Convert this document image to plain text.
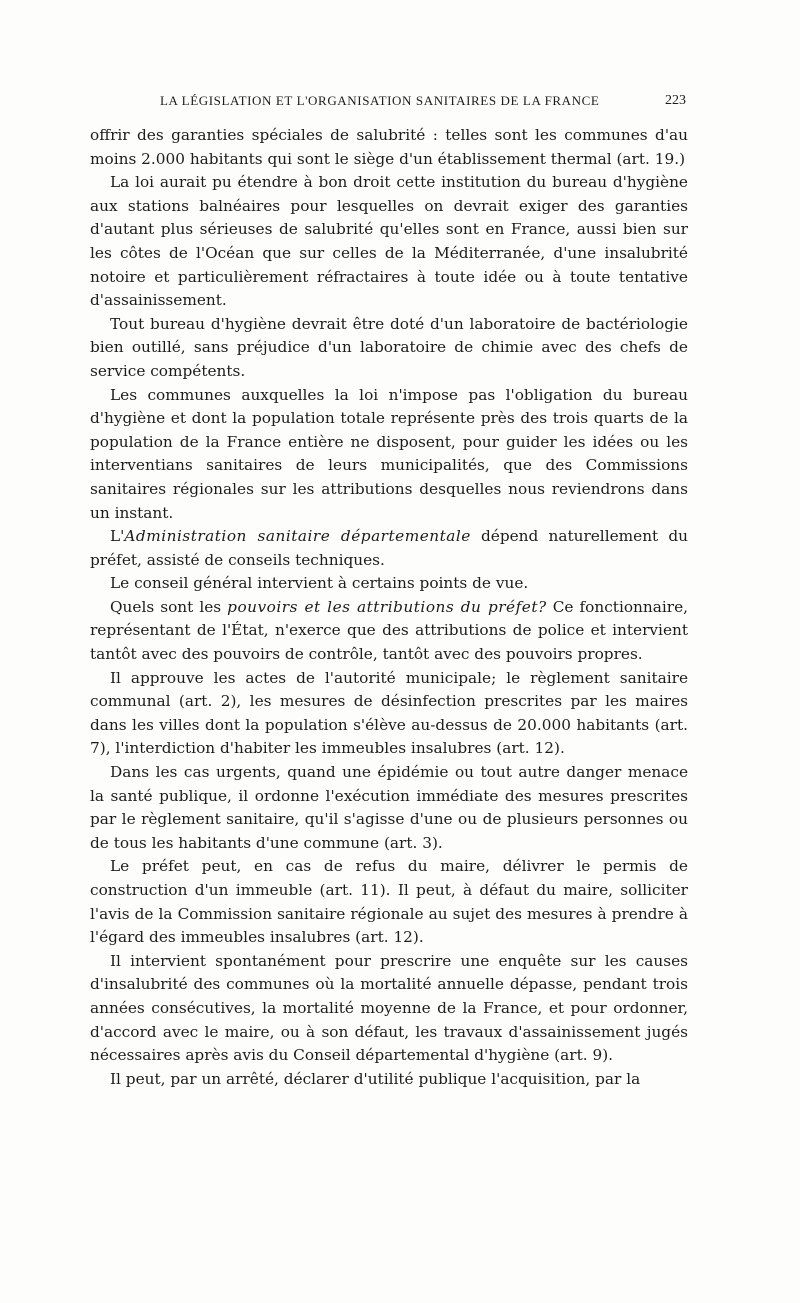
LA LÉGISLATION ET L'ORGANISATION SANITAIRES DE LA FRANCE	223

offrir des garanties spéciales de salubrité : telles sont les communes d'au moins 2.000 habitants qui sont le siège d'un établissement thermal (art. 19.)

La loi aurait pu étendre à bon droit cette institution du bureau d'hygiène aux stations balnéaires pour lesquelles on devrait exiger des garanties d'autant plus sérieuses de salubrité qu'elles sont en France, aussi bien sur les côtes de l'Océan que sur celles de la Méditerranée, d'une insalubrité notoire et particulièrement réfractaires à toute idée ou à toute tentative d'assainissement.

Tout bureau d'hygiène devrait être doté d'un laboratoire de bactériologie bien outillé, sans préjudice d'un laboratoire de chimie avec des chefs de service compétents.

Les communes auxquelles la loi n'impose pas l'obligation du bureau d'hygiène et dont la population totale représente près des trois quarts de la population de la France entière ne disposent, pour guider les idées ou les interventians sanitaires de leurs municipalités, que des Commissions sanitaires régionales sur les attributions desquelles nous reviendrons dans un instant.

L'Administration sanitaire départementale dépend naturellement du préfet, assisté de conseils techniques.

Le conseil général intervient à certains points de vue.

Quels sont les pouvoirs et les attributions du préfet? Ce fonctionnaire, représentant de l'État, n'exerce que des attributions de police et intervient tantôt avec des pouvoirs de contrôle, tantôt avec des pouvoirs propres.

Il approuve les actes de l'autorité municipale; le règlement sanitaire communal (art. 2), les mesures de désinfection prescrites par les maires dans les villes dont la population s'élève au-dessus de 20.000 habitants (art. 7), l'interdiction d'habiter les immeubles insalubres (art. 12).

Dans les cas urgents, quand une épidémie ou tout autre danger menace la santé publique, il ordonne l'exécution immédiate des mesures prescrites par le règlement sanitaire, qu'il s'agisse d'une ou de plusieurs personnes ou de tous les habitants d'une commune (art. 3).

Le préfet peut, en cas de refus du maire, délivrer le permis de construction d'un immeuble (art. 11). Il peut, à défaut du maire, solliciter l'avis de la Commission sanitaire régionale au sujet des mesures à prendre à l'égard des immeubles insalubres (art. 12).

Il intervient spontanément pour prescrire une enquête sur les causes d'insalubrité des communes où la mortalité annuelle dépasse, pendant trois années consécutives, la mortalité moyenne de la France, et pour ordonner, d'accord avec le maire, ou à son défaut, les travaux d'assainissement jugés nécessaires après avis du Conseil départemental d'hygiène (art. 9).

Il peut, par un arrêté, déclarer d'utilité publique l'acquisition, par la
